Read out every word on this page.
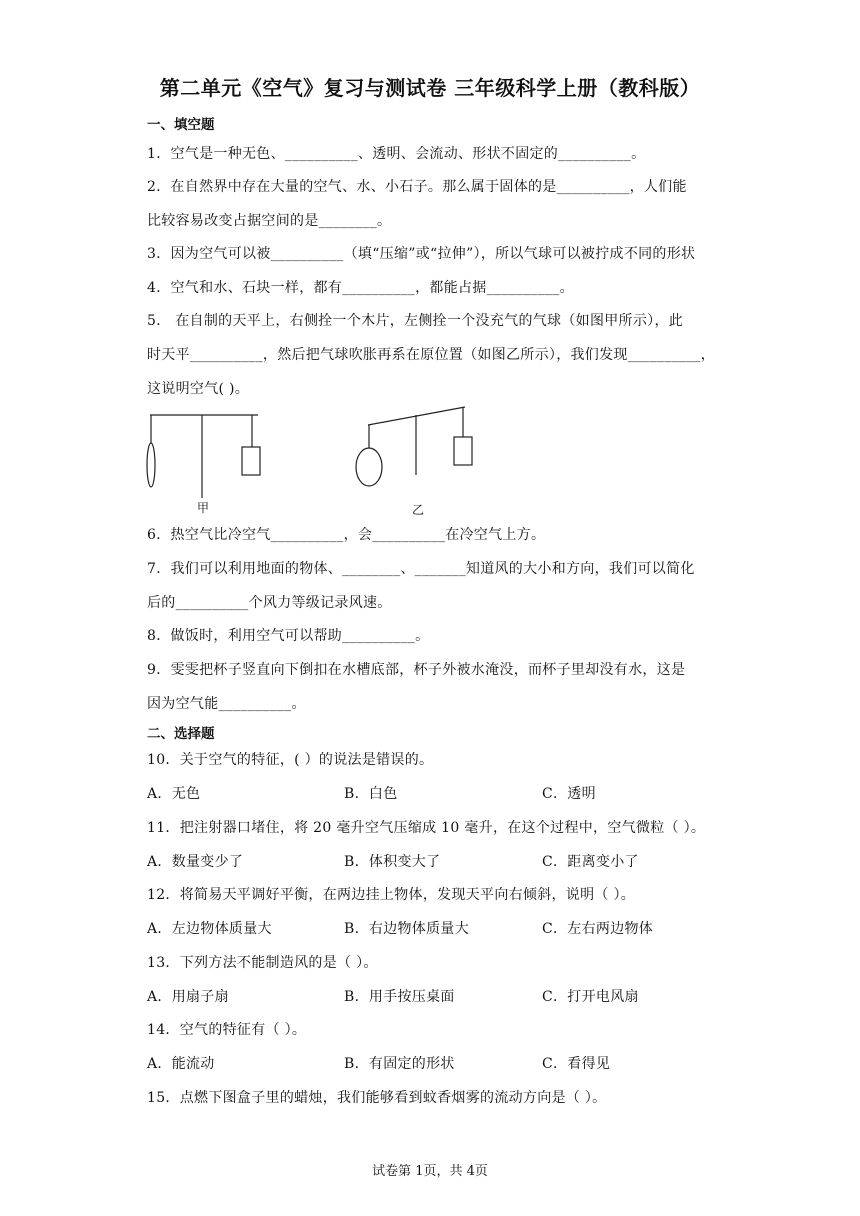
第二单元《空气》复习与测试卷 三年级科学上册（教科版）
一、填空题
1．空气是一种无色、__________、透明、会流动、形状不固定的__________。
2．在自然界中存在大量的空气、水、小石子。那么属于固体的是__________，人们能
比较容易改变占据空间的是________。
3．因为空气可以被__________（填“压缩”或“拉伸”），所以气球可以被拧成不同的形状
4．空气和水、石块一样，都有__________，都能占据__________。
5． 在自制的天平上，右侧拴一个木片，左侧拴一个没充气的气球（如图甲所示），此
时天平__________，然后把气球吹胀再系在原位置（如图乙所示），我们发现__________，
这说明空气( )。
甲	乙
6．热空气比冷空气__________，会__________在冷空气上方。
7．我们可以利用地面的物体、________、_______知道风的大小和方向，我们可以简化
后的__________个风力等级记录风速。
8．做饭时，利用空气可以帮助__________。
9．雯雯把杯子竖直向下倒扣在水槽底部，杯子外被水淹没，而杯子里却没有水，这是
因为空气能__________。
二、选择题
10．关于空气的特征，( ）的说法是错误的。
A．无色	B．白色	C．透明
11．把注射器口堵住，将 20 毫升空气压缩成 10 毫升，在这个过程中，空气微粒（ ）。
A．数量变少了	B．体积变大了	C．距离变小了
12．将简易天平调好平衡，在两边挂上物体，发现天平向右倾斜，说明（ ）。
A．左边物体质量大	B．右边物体质量大	C．左右两边物体
13．下列方法不能制造风的是（ ）。
A．用扇子扇	B．用手按压桌面	C．打开电风扇
14．空气的特征有（ ）。
A．能流动	B．有固定的形状	C．看得见
15．点燃下图盒子里的蜡烛，我们能够看到蚊香烟雾的流动方向是（ ）。
试卷第 1页，共 4页
